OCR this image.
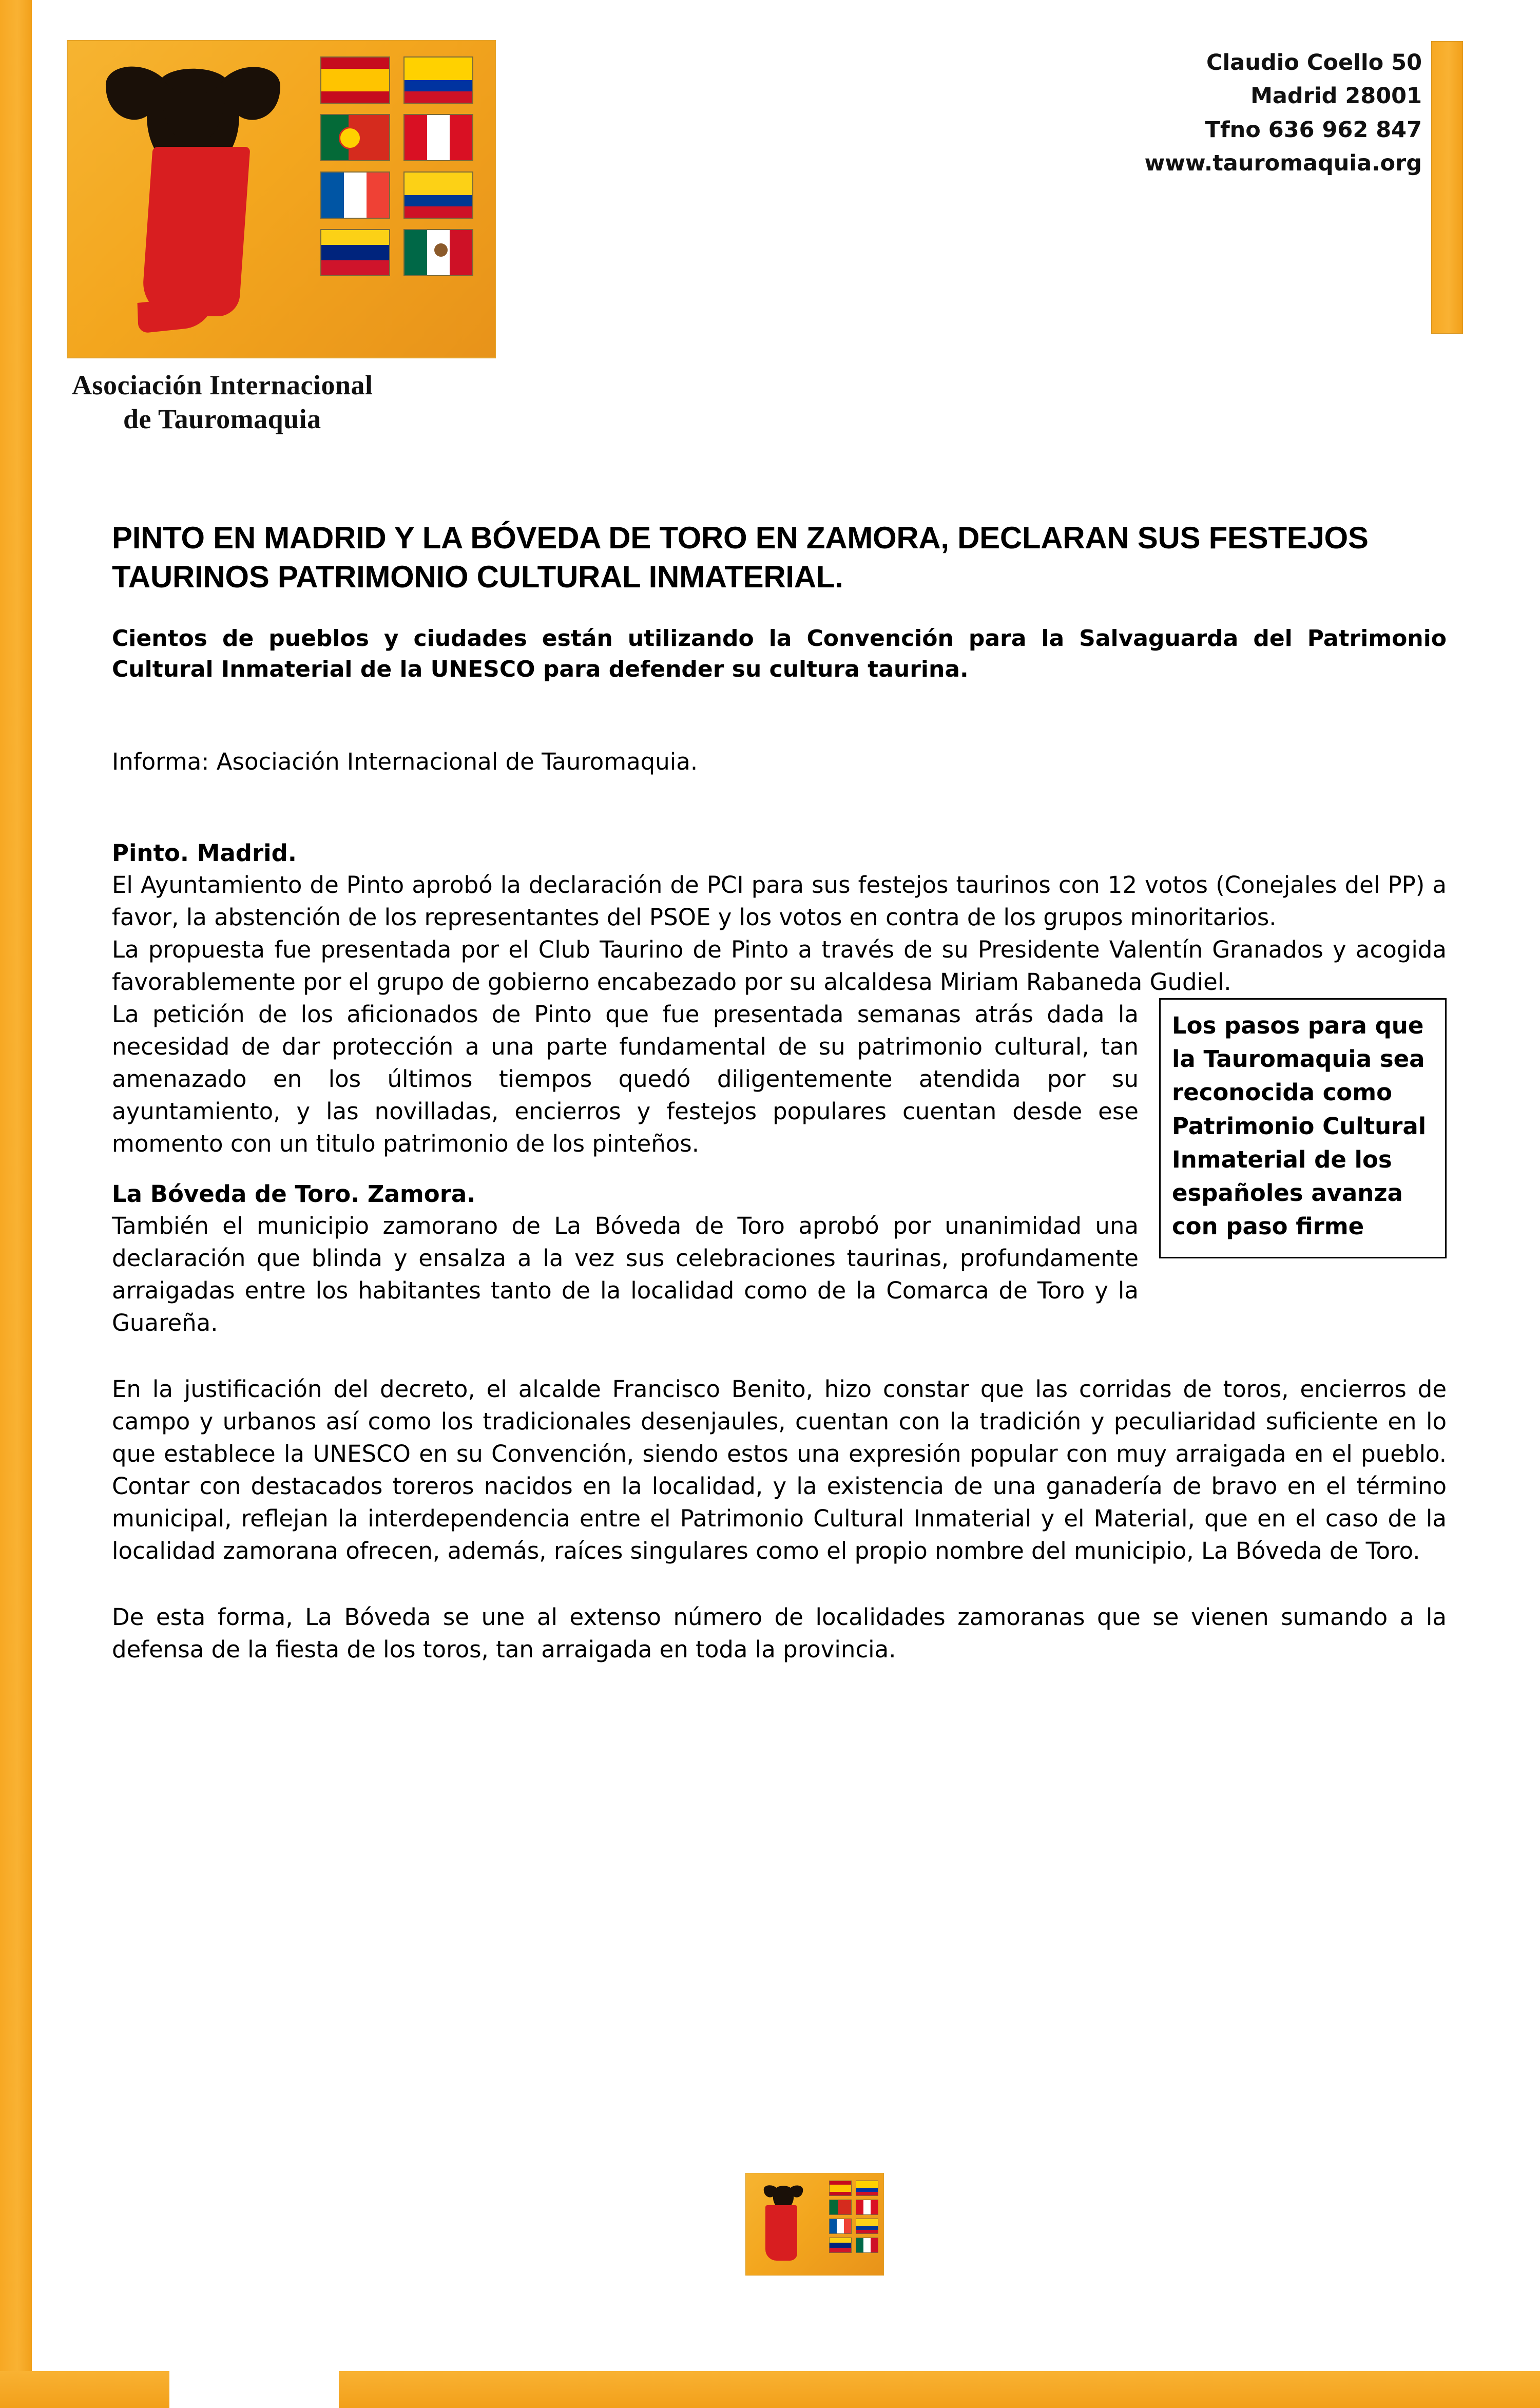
Asociación Internacional
de Tauromaquia
Claudio Coello 50
Madrid 28001
Tfno 636 962 847
www.tauromaquia.org
PINTO EN MADRID Y LA BÓVEDA DE TORO EN ZAMORA, DECLARAN SUS FESTEJOS TAURINOS PATRIMONIO CULTURAL INMATERIAL.

Cientos de pueblos y ciudades están utilizando la Convención para la Salvaguarda del Patrimonio Cultural Inmaterial de la UNESCO para defender su cultura taurina.

Informa: Asociación Internacional de Tauromaquia.

Pinto. Madrid.

El Ayuntamiento de Pinto aprobó la declaración de PCI para sus festejos taurinos con 12 votos (Conejales del PP) a favor, la abstención de los representantes del PSOE y los votos en contra de los grupos minoritarios.

La propuesta fue presentada por el Club Taurino de Pinto a través de su Presidente Valentín Granados y acogida favorablemente por el grupo de gobierno encabezado por su alcaldesa Miriam Rabaneda Gudiel.

Los pasos para que la Tauromaquia sea reconocida como Patrimonio Cultural Inmaterial de los españoles avanza con paso firme

La petición de los aficionados de Pinto que fue presentada semanas atrás dada la necesidad de dar protección a una parte fundamental de su patrimonio cultural, tan amenazado en los últimos tiempos quedó diligentemente atendida por su ayuntamiento, y las novilladas, encierros y festejos populares cuentan desde ese momento con un titulo patrimonio de los pinteños.

La Bóveda de Toro. Zamora.

También el municipio zamorano de La Bóveda de Toro aprobó por unanimidad una declaración que blinda y ensalza a la vez sus celebraciones taurinas, profundamente arraigadas entre los habitantes tanto de la localidad como de la Comarca de Toro y la Guareña.

En la justificación del decreto, el alcalde Francisco Benito, hizo constar que las corridas de toros, encierros de campo y urbanos así como los tradicionales desenjaules, cuentan con la tradición y peculiaridad suficiente en lo que establece la UNESCO en su Convención, siendo estos una expresión popular con muy arraigada en el pueblo. Contar con destacados toreros nacidos en la localidad, y la existencia de una ganadería de bravo en el término municipal, reflejan la interdependencia entre el Patrimonio Cultural Inmaterial y el Material, que en el caso de la localidad zamorana ofrecen, además, raíces singulares como el propio nombre del municipio, La Bóveda de Toro.

De esta forma, La Bóveda se une al extenso número de localidades zamoranas que se vienen sumando a la defensa de la fiesta de los toros, tan arraigada en toda la provincia.
